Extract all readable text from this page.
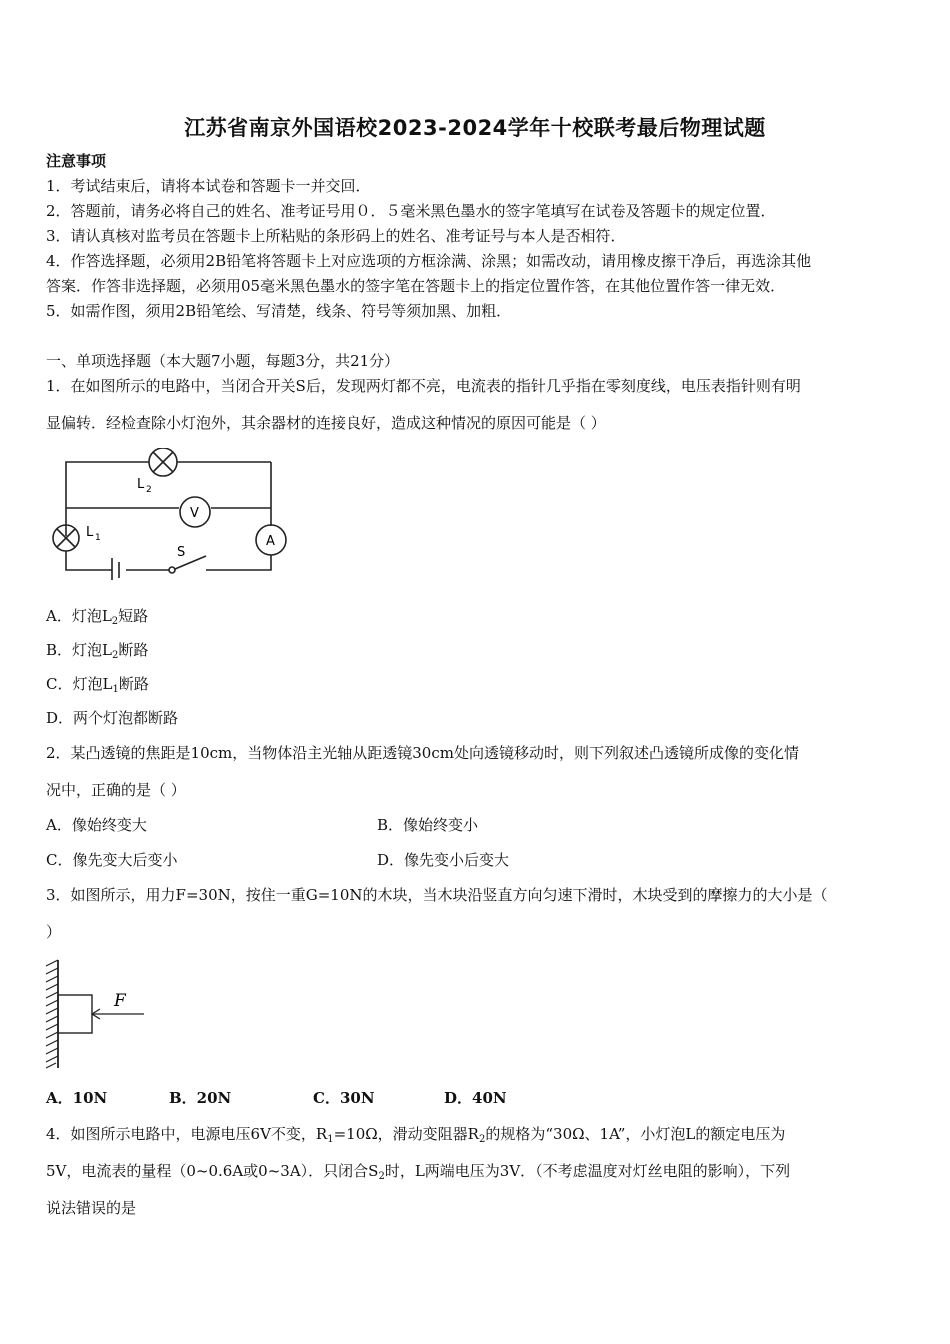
江苏省南京外国语校2023-2024学年十校联考最后物理试题
注意事项
1．考试结束后，请将本试卷和答题卡一并交回．
2．答题前，请务必将自己的姓名、准考证号用０．５毫米黑色墨水的签字笔填写在试卷及答题卡的规定位置．
3．请认真核对监考员在答题卡上所粘贴的条形码上的姓名、准考证号与本人是否相符．
4．作答选择题，必须用2B铅笔将答题卡上对应选项的方框涂满、涂黑；如需改动，请用橡皮擦干净后，再选涂其他
答案．作答非选择题，必须用05毫米黑色墨水的签字笔在答题卡上的指定位置作答，在其他位置作答一律无效．
5．如需作图，须用2B铅笔绘、写清楚，线条、符号等须加黑、加粗．
一、单项选择题（本大题7小题，每题3分，共21分）
1．在如图所示的电路中，当闭合开关S后，发现两灯都不亮，电流表的指针几乎指在零刻度线，电压表指针则有明
显偏转．经检查除小灯泡外，其余器材的连接良好，造成这种情况的原因可能是（ ）
L 2
L 1
V
A
S
A．灯泡$L_2$短路
B．灯泡$L_2$断路
C．灯泡$L_1$断路
D．两个灯泡都断路
2．某凸透镜的焦距是10cm，当物体沿主光轴从距透镜30cm处向透镜移动时，则下列叙述凸透镜所成像的变化情
况中，正确的是（ ）
A．像始终变大	B．像始终变小
C．像先变大后变小	D．像先变小后变大
3．如图所示，用力F=30N，按住一重G=10N的木块，当木块沿竖直方向匀速下滑时，木块受到的摩擦力的大小是（
）
F
A．10N	B．20N	C．30N	D．40N
4．如图所示电路中，电源电压6V不变，$R_1=10\Omega$，滑动变阻器$R_2$的规格为“30Ω、1A”，小灯泡L的额定电压为
5V，电流表的量程（0~0.6A或0~3A）．只闭合$S_2$时，L两端电压为3V．（不考虑温度对灯丝电阻的影响），下列
说法错误的是
